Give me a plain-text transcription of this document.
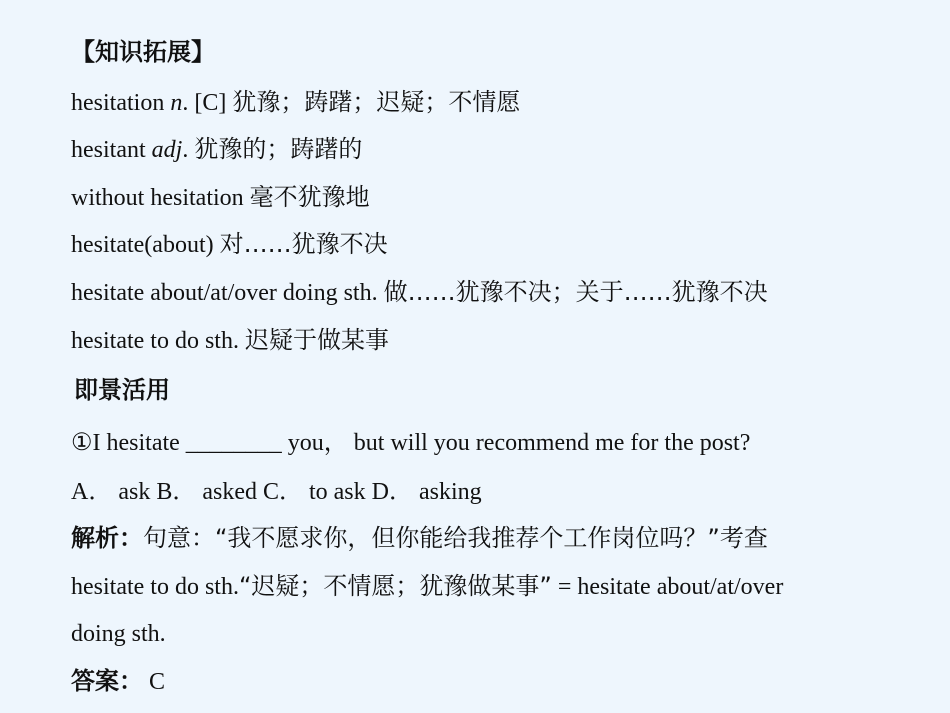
【知识拓展】
hesitation n. [C] 犹豫；踌躇；迟疑；不情愿
hesitant adj. 犹豫的；踌躇的
without hesitation 毫不犹豫地
hesitate(about) 对……犹豫不决
hesitate about/at/over doing sth. 做……犹豫不决；关于……犹豫不决
hesitate to do sth. 迟疑于做某事
即景活用
①I hesitate ________ you， but will you recommend me for the post?
A． ask B． asked C． to ask D． asking
解析：句意：“我不愿求你，但你能给我推荐个工作岗位吗？”考查
hesitate to do sth.“迟疑；不情愿；犹豫做某事” = hesitate about/at/over
doing sth.
答案： C
